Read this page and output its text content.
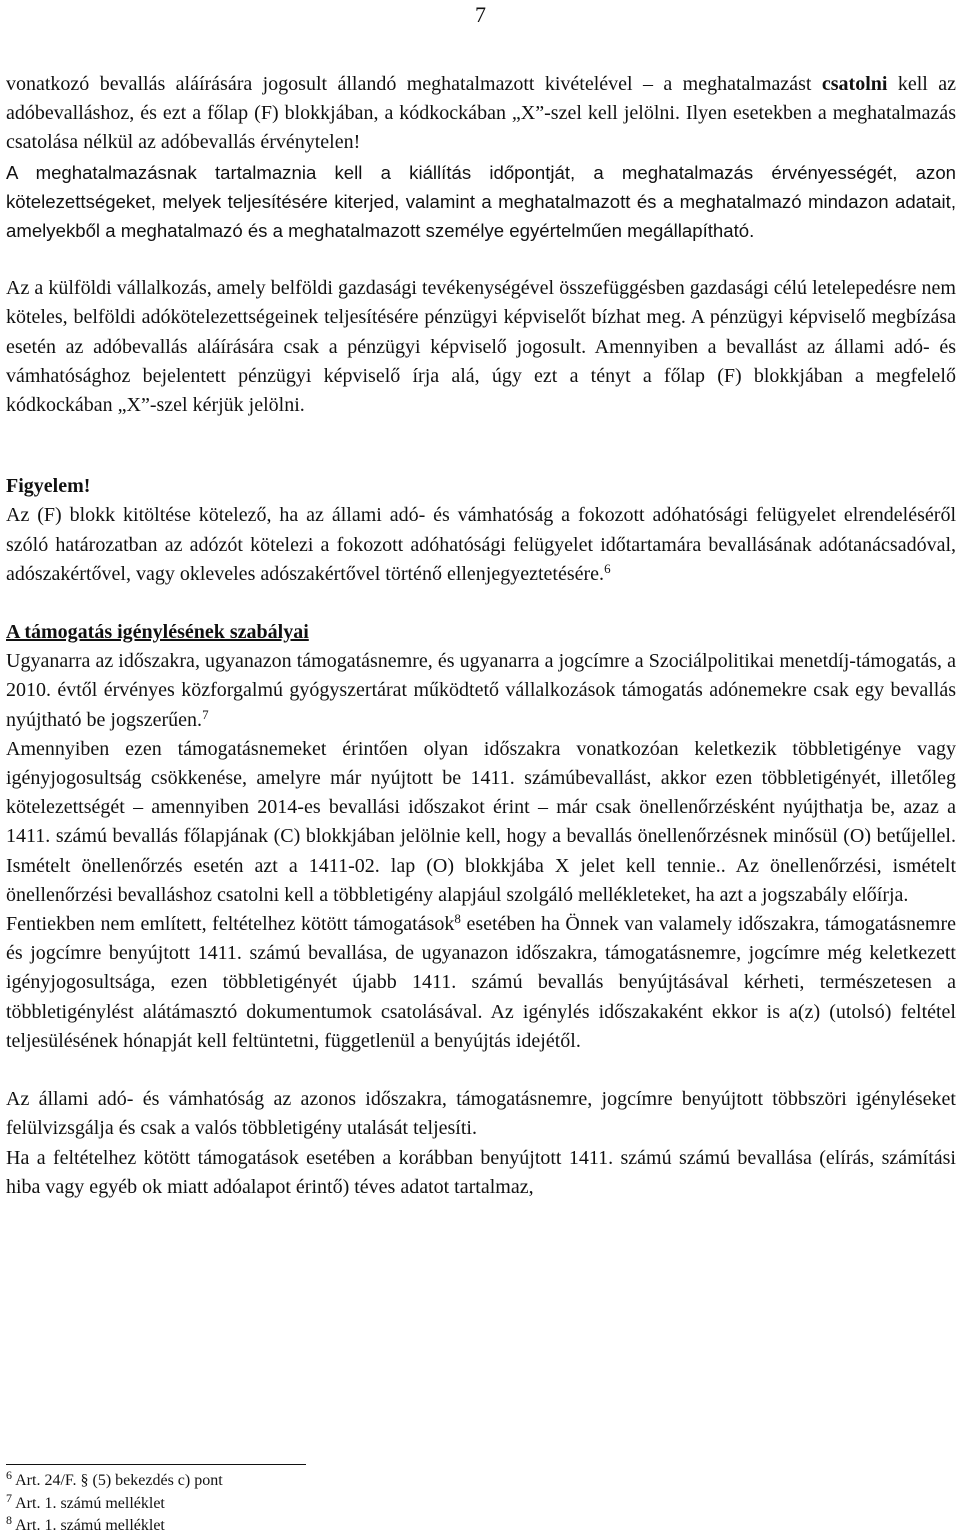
7

vonatkozó bevallás aláírására jogosult állandó meghatalmazott kivételével – a meghatalmazást csatolni kell az adóbevalláshoz, és ezt a főlap (F) blokkjában, a kódkockában „X”-szel kell jelölni. Ilyen esetekben a meghatalmazás csatolása nélkül az adóbevallás érvénytelen!

A meghatalmazásnak tartalmaznia kell a kiállítás időpontját, a meghatalmazás érvényességét, azon kötelezettségeket, melyek teljesítésére kiterjed, valamint a meghatalmazott és a meghatalmazó mindazon adatait, amelyekből a meghatalmazó és a meghatalmazott személye egyértelműen megállapítható.

Az a külföldi vállalkozás, amely belföldi gazdasági tevékenységével összefüggésben gazdasági célú letelepedésre nem köteles, belföldi adókötelezettségeinek teljesítésére pénzügyi képviselőt bízhat meg. A pénzügyi képviselő megbízása esetén az adóbevallás aláírására csak a pénzügyi képviselő jogosult. Amennyiben a bevallást az állami adó- és vámhatósághoz bejelentett pénzügyi képviselő írja alá, úgy ezt a tényt a főlap (F) blokkjában a megfelelő kódkockában „X”-szel kérjük jelölni.

Figyelem!

Az (F) blokk kitöltése kötelező, ha az állami adó- és vámhatóság a fokozott adóhatósági felügyelet elrendeléséről szóló határozatban az adózót kötelezi a fokozott adóhatósági felügyelet időtartamára bevallásának adótanácsadóval, adószakértővel, vagy okleveles adószakértővel történő ellenjegyeztetésére.$^6$

A támogatás igénylésének szabályai

Ugyanarra az időszakra, ugyanazon támogatásnemre, és ugyanarra a jogcímre a Szociálpolitikai menetdíj-támogatás, a 2010. évtől érvényes közforgalmú gyógyszertárat működtető vállalkozások támogatás adónemekre csak egy bevallás nyújtható be jogszerűen.$^7$

Amennyiben ezen támogatásnemeket érintően olyan időszakra vonatkozóan keletkezik többletigénye vagy igényjogosultság csökkenése, amelyre már nyújtott be 1411. számúbevallást, akkor ezen többletigényét, illetőleg kötelezettségét – amennyiben 2014-es bevallási időszakot érint – már csak önellenőrzésként nyújthatja be, azaz a 1411. számú bevallás főlapjának (C) blokkjában jelölnie kell, hogy a bevallás önellenőrzésnek minősül (O) betűjellel. Ismételt önellenőrzés esetén azt a 1411-02. lap (O) blokkjába X jelet kell tennie.. Az önellenőrzési, ismételt önellenőrzési bevalláshoz csatolni kell a többletigény alapjául szolgáló mellékleteket, ha azt a jogszabály előírja.

Fentiekben nem említett, feltételhez kötött támogatások$^8$ esetében ha Önnek van valamely időszakra, támogatásnemre és jogcímre benyújtott 1411. számú bevallása, de ugyanazon időszakra, támogatásnemre, jogcímre még keletkezett igényjogosultsága, ezen többletigényét újabb 1411. számú bevallás benyújtásával kérheti, természetesen a többletigénylést alátámasztó dokumentumok csatolásával. Az igénylés időszakaként ekkor is a(z) (utolsó) feltétel teljesülésének hónapját kell feltüntetni, függetlenül a benyújtás idejétől.

Az állami adó- és vámhatóság az azonos időszakra, támogatásnemre, jogcímre benyújtott többszöri igényléseket felülvizsgálja és csak a valós többletigény utalását teljesíti.

Ha a feltételhez kötött támogatások esetében a korábban benyújtott 1411. számú számú bevallása (elírás, számítási hiba vagy egyéb ok miatt adóalapot érintő) téves adatot tartalmaz,

$^6$ Art. 24/F. § (5) bekezdés c) pont
$^7$ Art. 1. számú melléklet
$^8$ Art. 1. számú melléklet
